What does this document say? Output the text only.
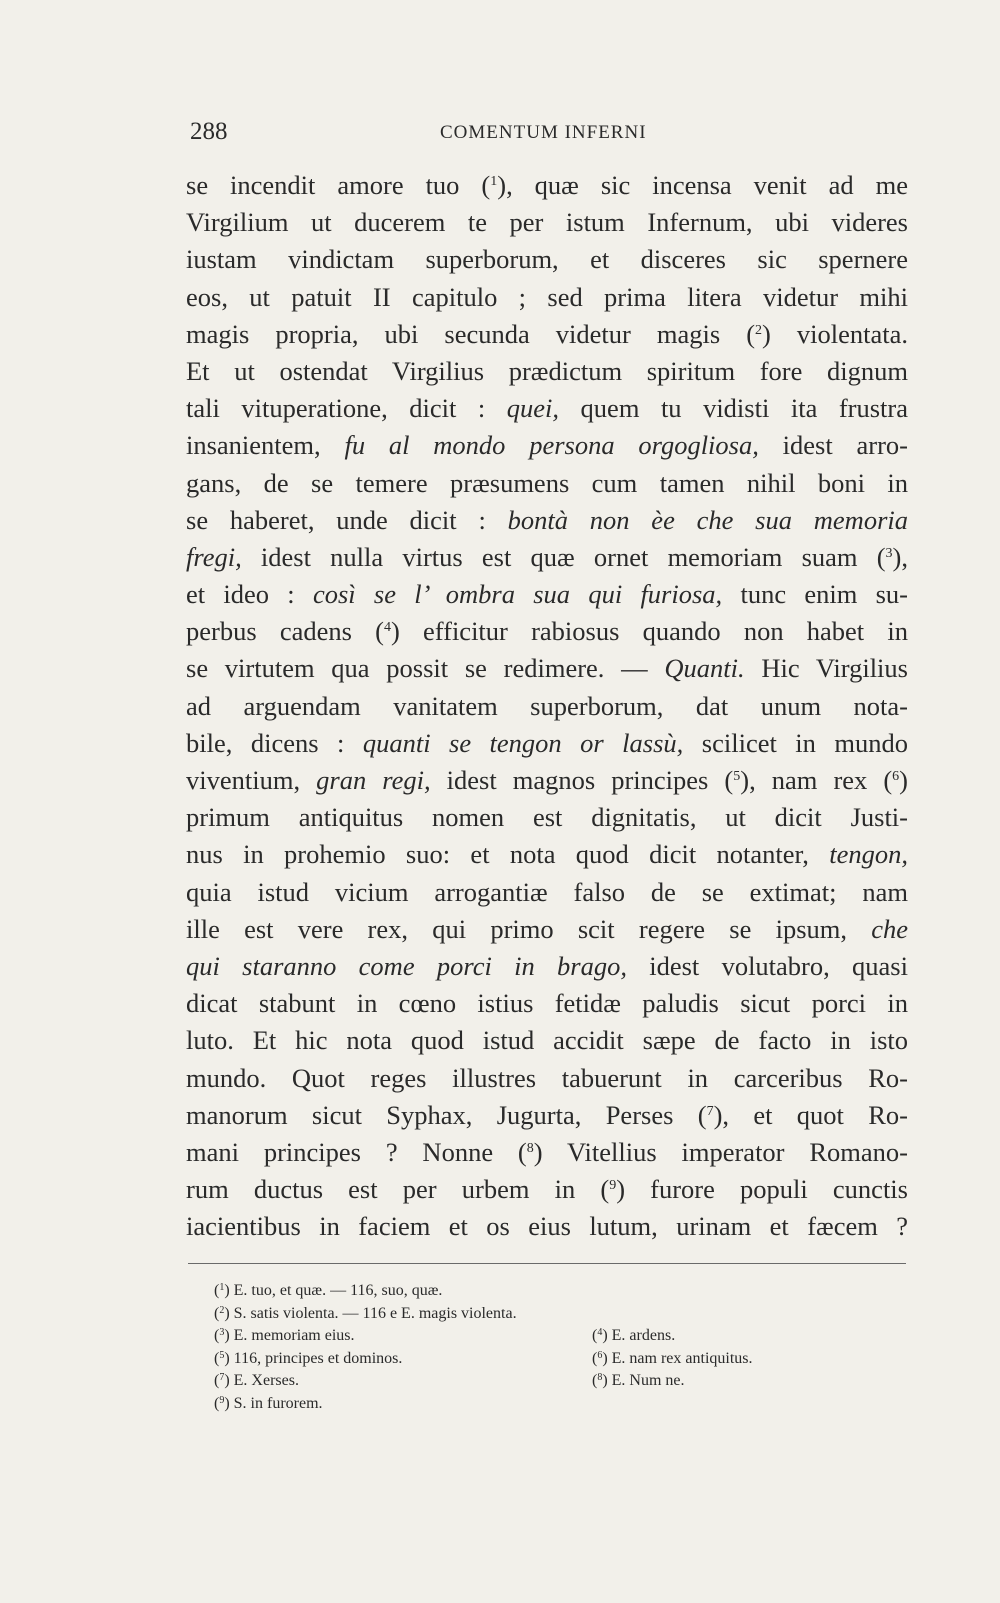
288	COMENTUM INFERNI
se incendit amore tuo ($^1$), quæ sic incensa venit ad me
Virgilium ut ducerem te per istum Infernum, ubi videres
iustam vindictam superborum, et disceres sic spernere
eos, ut patuit II capitulo ; sed prima litera videtur mihi
magis propria, ubi secunda videtur magis ($^2$) violentata.
Et ut ostendat Virgilius prædictum spiritum fore dignum
tali vituperatione, dicit : quei, quem tu vidisti ita frustra
insanientem, fu al mondo persona orgogliosa, idest arro-
gans, de se temere præsumens cum tamen nihil boni in
se haberet, unde dicit : bontà non èe che sua memoria
fregi, idest nulla virtus est quæ ornet memoriam suam ($^3$),
et ideo : così se l’ ombra sua qui furiosa, tunc enim su-
perbus cadens ($^4$) efficitur rabiosus quando non habet in
se virtutem qua possit se redimere. — Quanti. Hic Virgilius
ad arguendam vanitatem superborum, dat unum nota-
bile, dicens : quanti se tengon or lassù, scilicet in mundo
viventium, gran regi, idest magnos principes ($^5$), nam rex ($^6$)
primum antiquitus nomen est dignitatis, ut dicit Justi-
nus in prohemio suo: et nota quod dicit notanter, tengon,
quia istud vicium arrogantiæ falso de se extimat; nam
ille est vere rex, qui primo scit regere se ipsum, che
qui staranno come porci in brago, idest volutabro, quasi
dicat stabunt in cœno istius fetidæ paludis sicut porci in
luto. Et hic nota quod istud accidit sæpe de facto in isto
mundo. Quot reges illustres tabuerunt in carceribus Ro-
manorum sicut Syphax, Jugurta, Perses ($^7$), et quot Ro-
mani principes ? Nonne ($^8$) Vitellius imperator Romano-
rum ductus est per urbem in ($^9$) furore populi cunctis
iacientibus in faciem et os eius lutum, urinam et fæcem ?
($^1$) E. tuo, et quæ. — 116, suo, quæ.
($^2$) S. satis violenta. — 116 e E. magis violenta.
($^3$) E. memoriam eius.	($^4$) E. ardens.
($^5$) 116, principes et dominos.	($^6$) E. nam rex antiquitus.
($^7$) E. Xerses.	($^8$) E. Num ne.
($^9$) S. in furorem.
